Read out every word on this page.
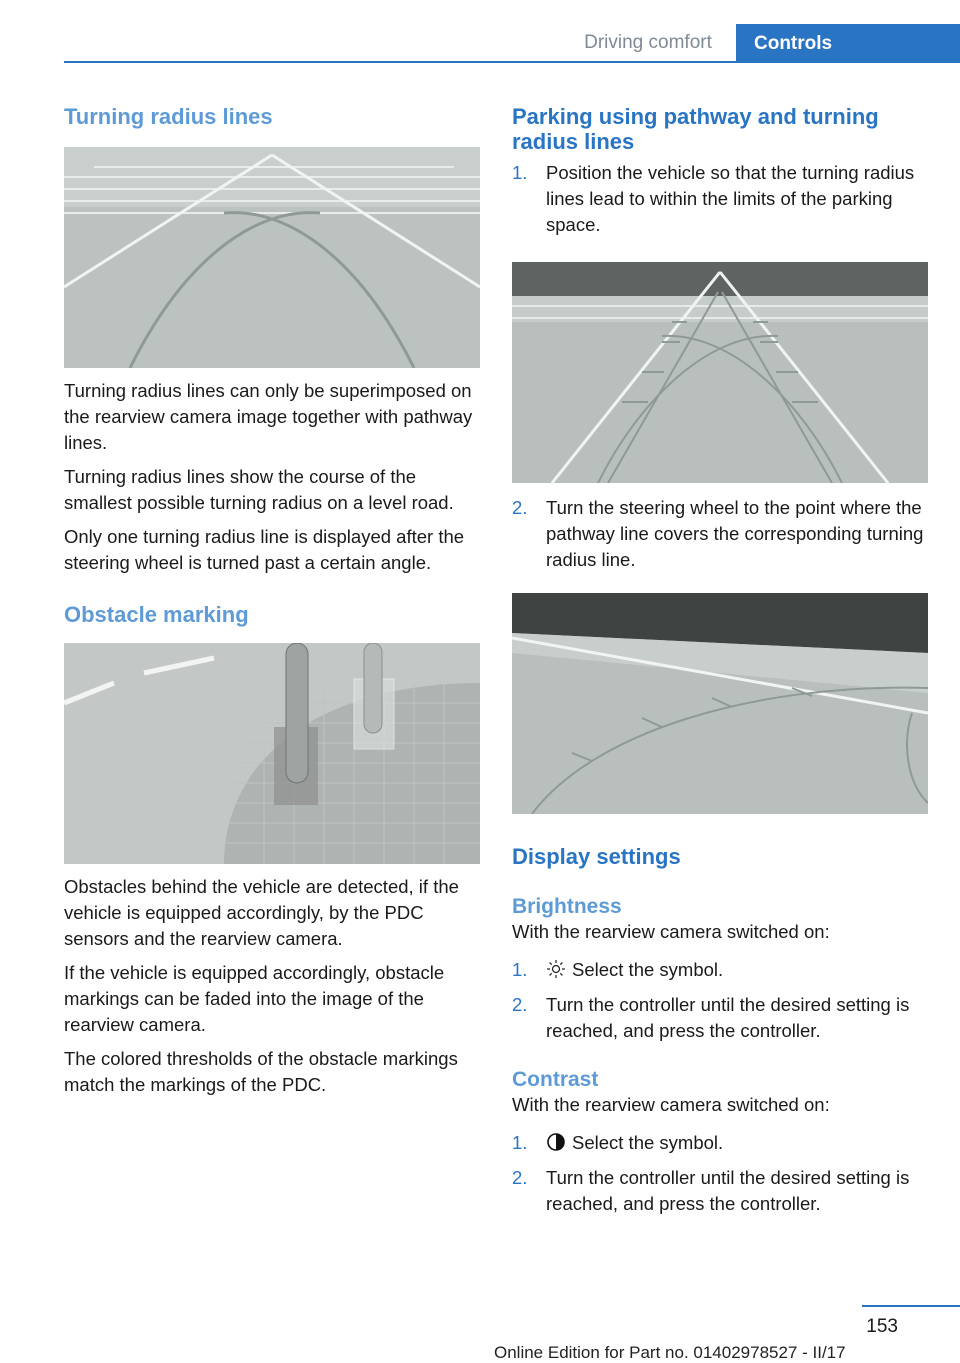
Driving comfort	Controls
Turning radius lines

Turning radius lines can only be superimposed on the rearview camera image together with pathway lines.

Turning radius lines show the course of the smallest possible turning radius on a level road.

Only one turning radius line is displayed after the steering wheel is turned past a certain angle.

Obstacle marking

Obstacles behind the vehicle are detected, if the vehicle is equipped accordingly, by the PDC sensors and the rearview camera.

If the vehicle is equipped accordingly, obstacle markings can be faded into the image of the rearview camera.

The colored thresholds of the obstacle markings match the markings of the PDC.

Parking using pathway and turning radius lines
1. Position the vehicle so that the turning radius lines lead to within the limits of the parking space.
2. Turn the steering wheel to the point where the pathway line covers the corresponding turning radius line.
Display settings
Brightness

With the rearview camera switched on:

1. Select the symbol.
2. Turn the controller until the desired setting is reached, and press the controller.
Contrast

With the rearview camera switched on:

1. Select the symbol.
2. Turn the controller until the desired setting is reached, and press the controller.
153
Online Edition for Part no. 01402978527 - II/17
